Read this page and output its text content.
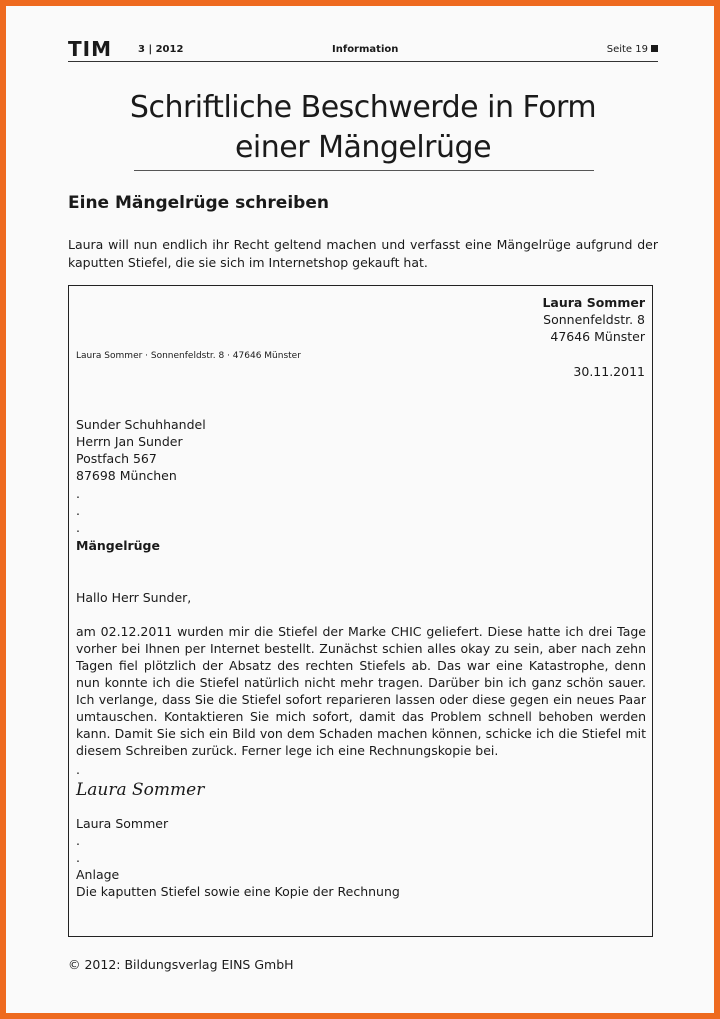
TIM	3 | 2012	Information	Seite 19
Schriftliche Beschwerde in Form
einer Mängelrüge
Eine Mängelrüge schreiben
Laura will nun endlich ihr Recht geltend machen und verfasst eine Mängelrüge aufgrund der kaputten Stiefel, die sie sich im Internetshop gekauft hat.
Laura Sommer
Sonnenfeldstr. 8
47646 Münster
Laura Sommer · Sonnenfeldstr. 8 · 47646 Münster
30.11.2011
Sunder Schuhhandel
Herrn Jan Sunder
Postfach 567
87698 München
.
.
.
Mängelrüge
Hallo Herr Sunder,
am 02.12.2011 wurden mir die Stiefel der Marke CHIC geliefert. Diese hatte ich drei Tage vorher bei Ihnen per Internet bestellt. Zunächst schien alles okay zu sein, aber nach zehn Tagen fiel plötzlich der Absatz des rechten Stiefels ab. Das war eine Katastrophe, denn nun konnte ich die Stiefel natürlich nicht mehr tragen. Darüber bin ich ganz schön sauer. Ich verlange, dass Sie die Stiefel sofort reparieren lassen oder diese gegen ein neues Paar umtauschen. Kontaktieren Sie mich sofort, damit das Problem schnell behoben werden kann. Damit Sie sich ein Bild von dem Schaden machen können, schicke ich die Stiefel mit diesem Schreiben zurück. Ferner lege ich eine Rechnungskopie bei.
.
Laura Sommer
Laura Sommer
.
.
Anlage
Die kaputten Stiefel sowie eine Kopie der Rechnung
© 2012: Bildungsverlag EINS GmbH
